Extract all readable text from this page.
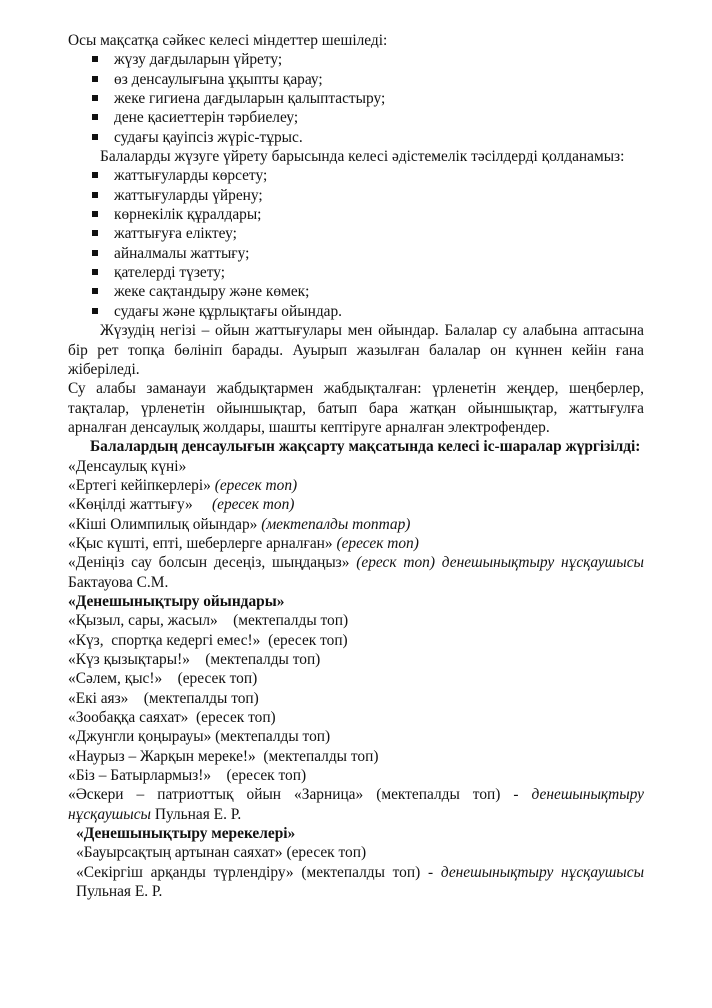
Осы мақсатқа сәйкес келесі міндеттер шешіледі:
жүзу дағдыларын үйрету;
өз денсаулығына ұқыпты қарау;
жеке гигиена дағдыларын қалыптастыру;
дене қасиеттерін тәрбиелеу;
судағы қауіпсіз жүріс-тұрыс.
Балаларды жүзуге үйрету барысында келесі әдістемелік тәсілдерді қолданамыз:
жаттығуларды көрсету;
жаттығуларды үйрену;
көрнекілік құралдары;
жаттығуға еліктеу;
айналмалы жаттығу;
қателерді түзету;
жеке сақтандыру және көмек;
судағы және құрлықтағы ойындар.
Жүзудің негізі – ойын жаттығулары мен ойындар. Балалар су алабына аптасына бір рет топқа бөлініп барады. Ауырып жазылған балалар он күннен кейін ғана жіберіледі.
Су алабы заманауи жабдықтармен жабдықталған: үрленетін жеңдер, шеңберлер, тақталар, үрленетін ойыншықтар, батып бара жатқан ойыншықтар, жаттығулға арналған денсаулық жолдары, шашты кептіруге арналған электрофендер.
Балалардың денсаулығын жақсарту мақсатында келесі іс-шаралар жүргізілді:
«Денсаулық күні»
«Ертегі кейіпкерлері» (ересек топ)
«Көңілді жаттығу» (ересек топ)
«Кіші Олимпилық ойындар» (мектепалды топтар)
«Қыс күшті, епті, шеберлерге арналған» (ересек топ)
«Деніңіз сау болсын десеңіз, шыңдаңыз» (ереск топ) денешынықтыру нұсқаушысы Бактауова С.М.
«Денешынықтыру ойындары»
«Қызыл, сары, жасыл»    (мектепалды топ)
«Күз,  спортқа кедергі емес!»  (ересек топ)
«Күз қызықтары!»    (мектепалды топ)
«Сәлем, қыс!»    (ересек топ)
«Екі аяз»    (мектепалды топ)
«Зообаққа саяхат»  (ересек топ)
«Джунгли қоңырауы» (мектепалды топ)
«Наурыз – Жарқын мереке!»  (мектепалды топ)
«Біз – Батырлармыз!»    (ересек топ)
«Әскери – патриоттық ойын «Зарница» (мектепалды топ) - денешынықтыру нұсқаушысы Пульная Е. Р.
«Денешынықтыру мерекелері»
«Бауырсақтың артынан саяхат» (ересек топ)
«Секіргіш арқанды түрлендіру» (мектепалды топ) - денешынықтыру нұсқаушысы Пульная Е. Р.
